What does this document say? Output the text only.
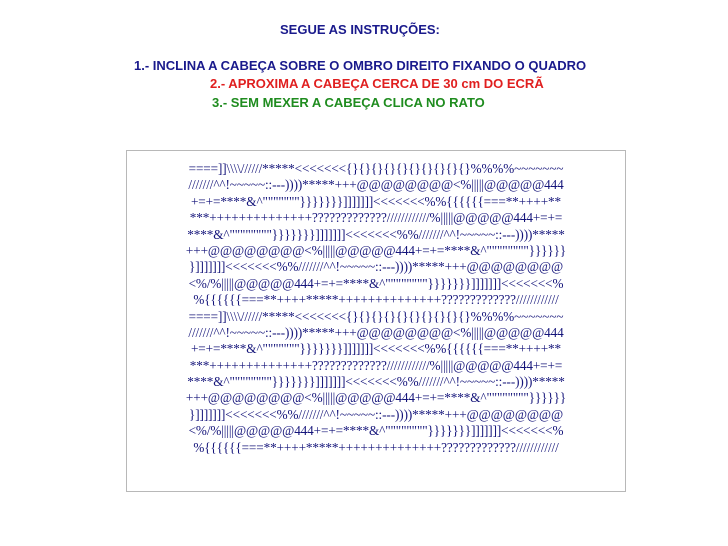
SEGUE AS INSTRUÇÕES:
1.- INCLINA A CABEÇA SOBRE O OMBRO DIREITO FIXANDO O QUADRO
2.- APROXIMA A CABEÇA CERCA DE 30 cm DO ECRÃ
3.- SEM MEXER A CABEÇA CLICA NO RATO
====]]\\\\//////*****<<<<<<<{}{}{}{}{}{}{}{}{}{}%%%%~~~~~~~
///////^^!~~~~~::---))))*****+++@@@@@@@@<%|||||@@@@@444
+=+=****&^"""""""}}}}}}}]]]]]]]<<<<<<<%%{{{{{{===**++++**
***++++++++++++++?????????????////////////%|||||@@@@@444+=+=
****&^""""""""}}}}}}}]]]]]]]<<<<<<<%%///////^^!~~~~~::---))))*****
+++@@@@@@@@<%|||||@@@@@444+=+=****&^""""""""}}}}}}
}]]]]]]]<<<<<<<%%///////^^!~~~~~::---))))*****+++@@@@@@@@
<%/%|||||@@@@@444+=+=****&^""""""""}}}}}}}]]]]]]]<<<<<<<%
%{{{{{{===**++++*****++++++++++++++?????????????////////////
====]]\\\\//////*****<<<<<<<{}{}{}{}{}{}{}{}{}{}%%%%~~~~~~~
///////^^!~~~~~::---))))*****+++@@@@@@@@<%|||||@@@@@444
+=+=****&^"""""""}}}}}}}]]]]]]]<<<<<<<%%{{{{{{===**++++**
***++++++++++++++?????????????////////////%|||||@@@@@444+=+=
****&^""""""""}}}}}}}]]]]]]]<<<<<<<%%///////^^!~~~~~::---))))*****
+++@@@@@@@@<%|||||@@@@@444+=+=****&^""""""""}}}}}}
}]]]]]]]<<<<<<<%%///////^^!~~~~~::---))))*****+++@@@@@@@@
<%/%|||||@@@@@444+=+=****&^""""""""}}}}}}}]]]]]]]<<<<<<<%
%{{{{{{===**++++*****++++++++++++++?????????????////////////
